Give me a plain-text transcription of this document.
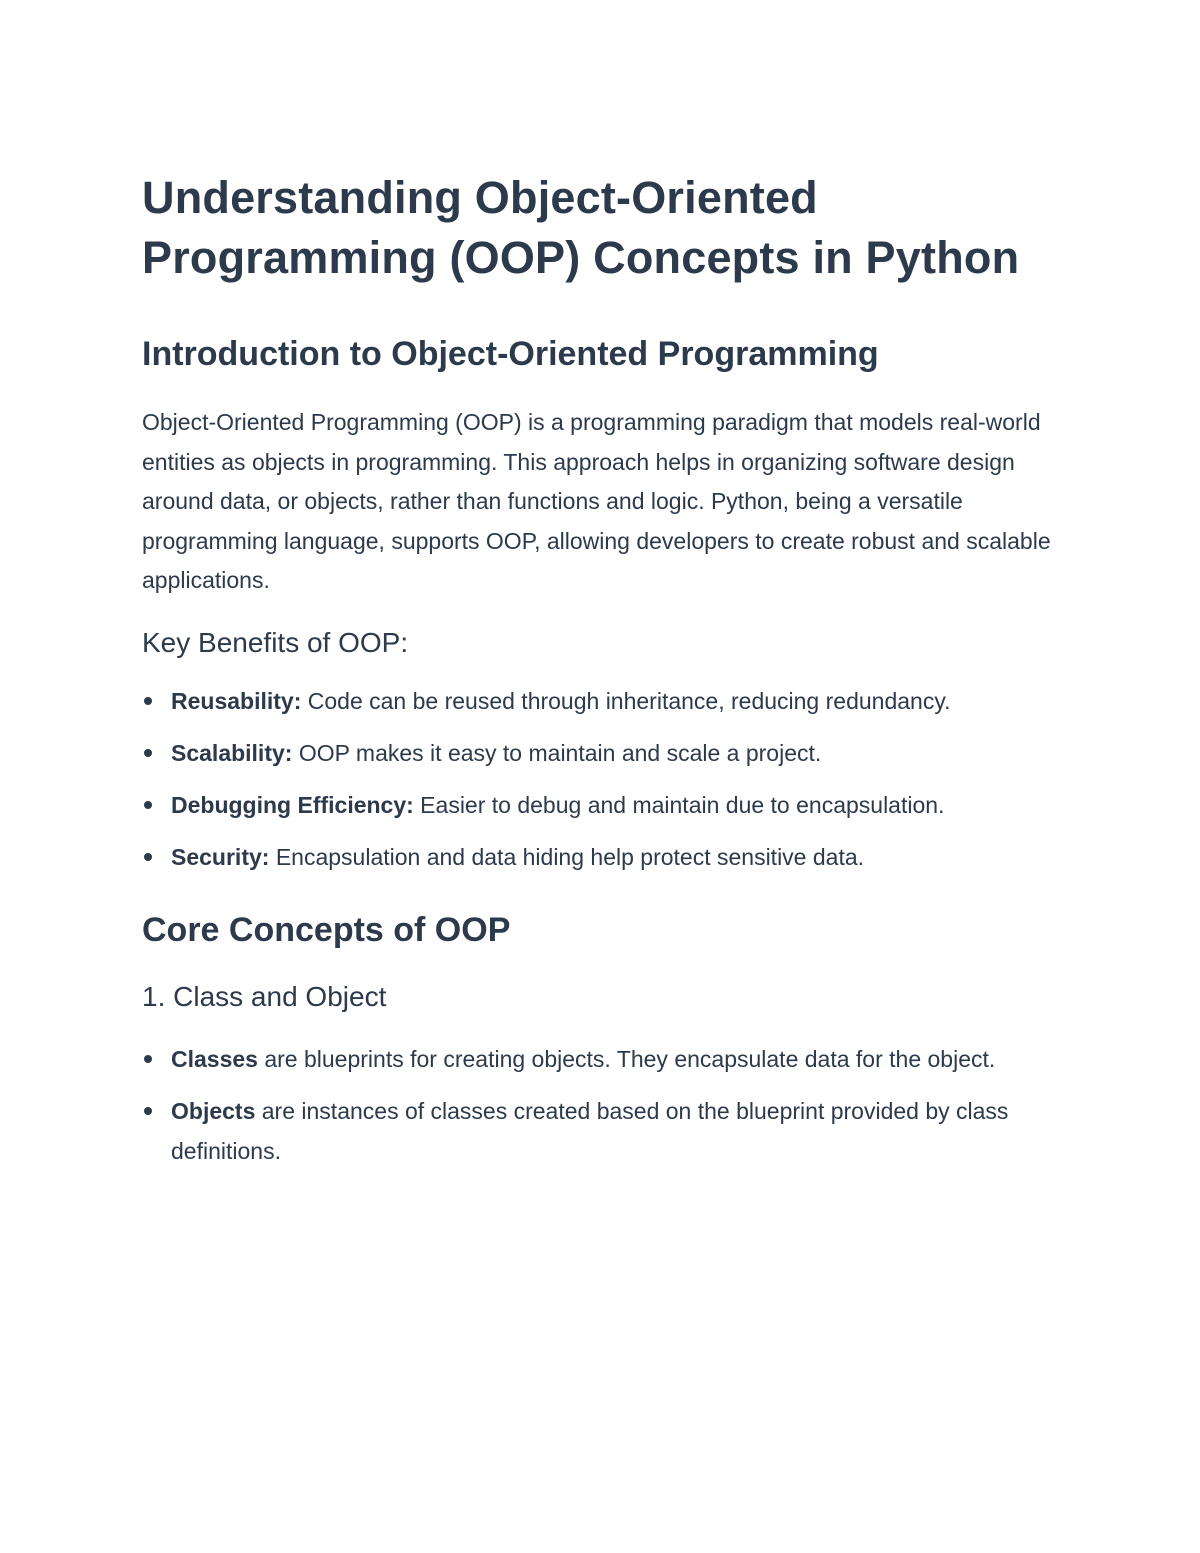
Understanding Object-Oriented Programming (OOP) Concepts in Python
Introduction to Object-Oriented Programming

Object-Oriented Programming (OOP) is a programming paradigm that models real-world entities as objects in programming. This approach helps in organizing software design around data, or objects, rather than functions and logic. Python, being a versatile programming language, supports OOP, allowing developers to create robust and scalable applications.

Key Benefits of OOP:
Reusability: Code can be reused through inheritance, reducing redundancy.
Scalability: OOP makes it easy to maintain and scale a project.
Debugging Efficiency: Easier to debug and maintain due to encapsulation.
Security: Encapsulation and data hiding help protect sensitive data.
Core Concepts of OOP
1. Class and Object
Classes are blueprints for creating objects. They encapsulate data for the object.
Objects are instances of classes created based on the blueprint provided by class definitions.
